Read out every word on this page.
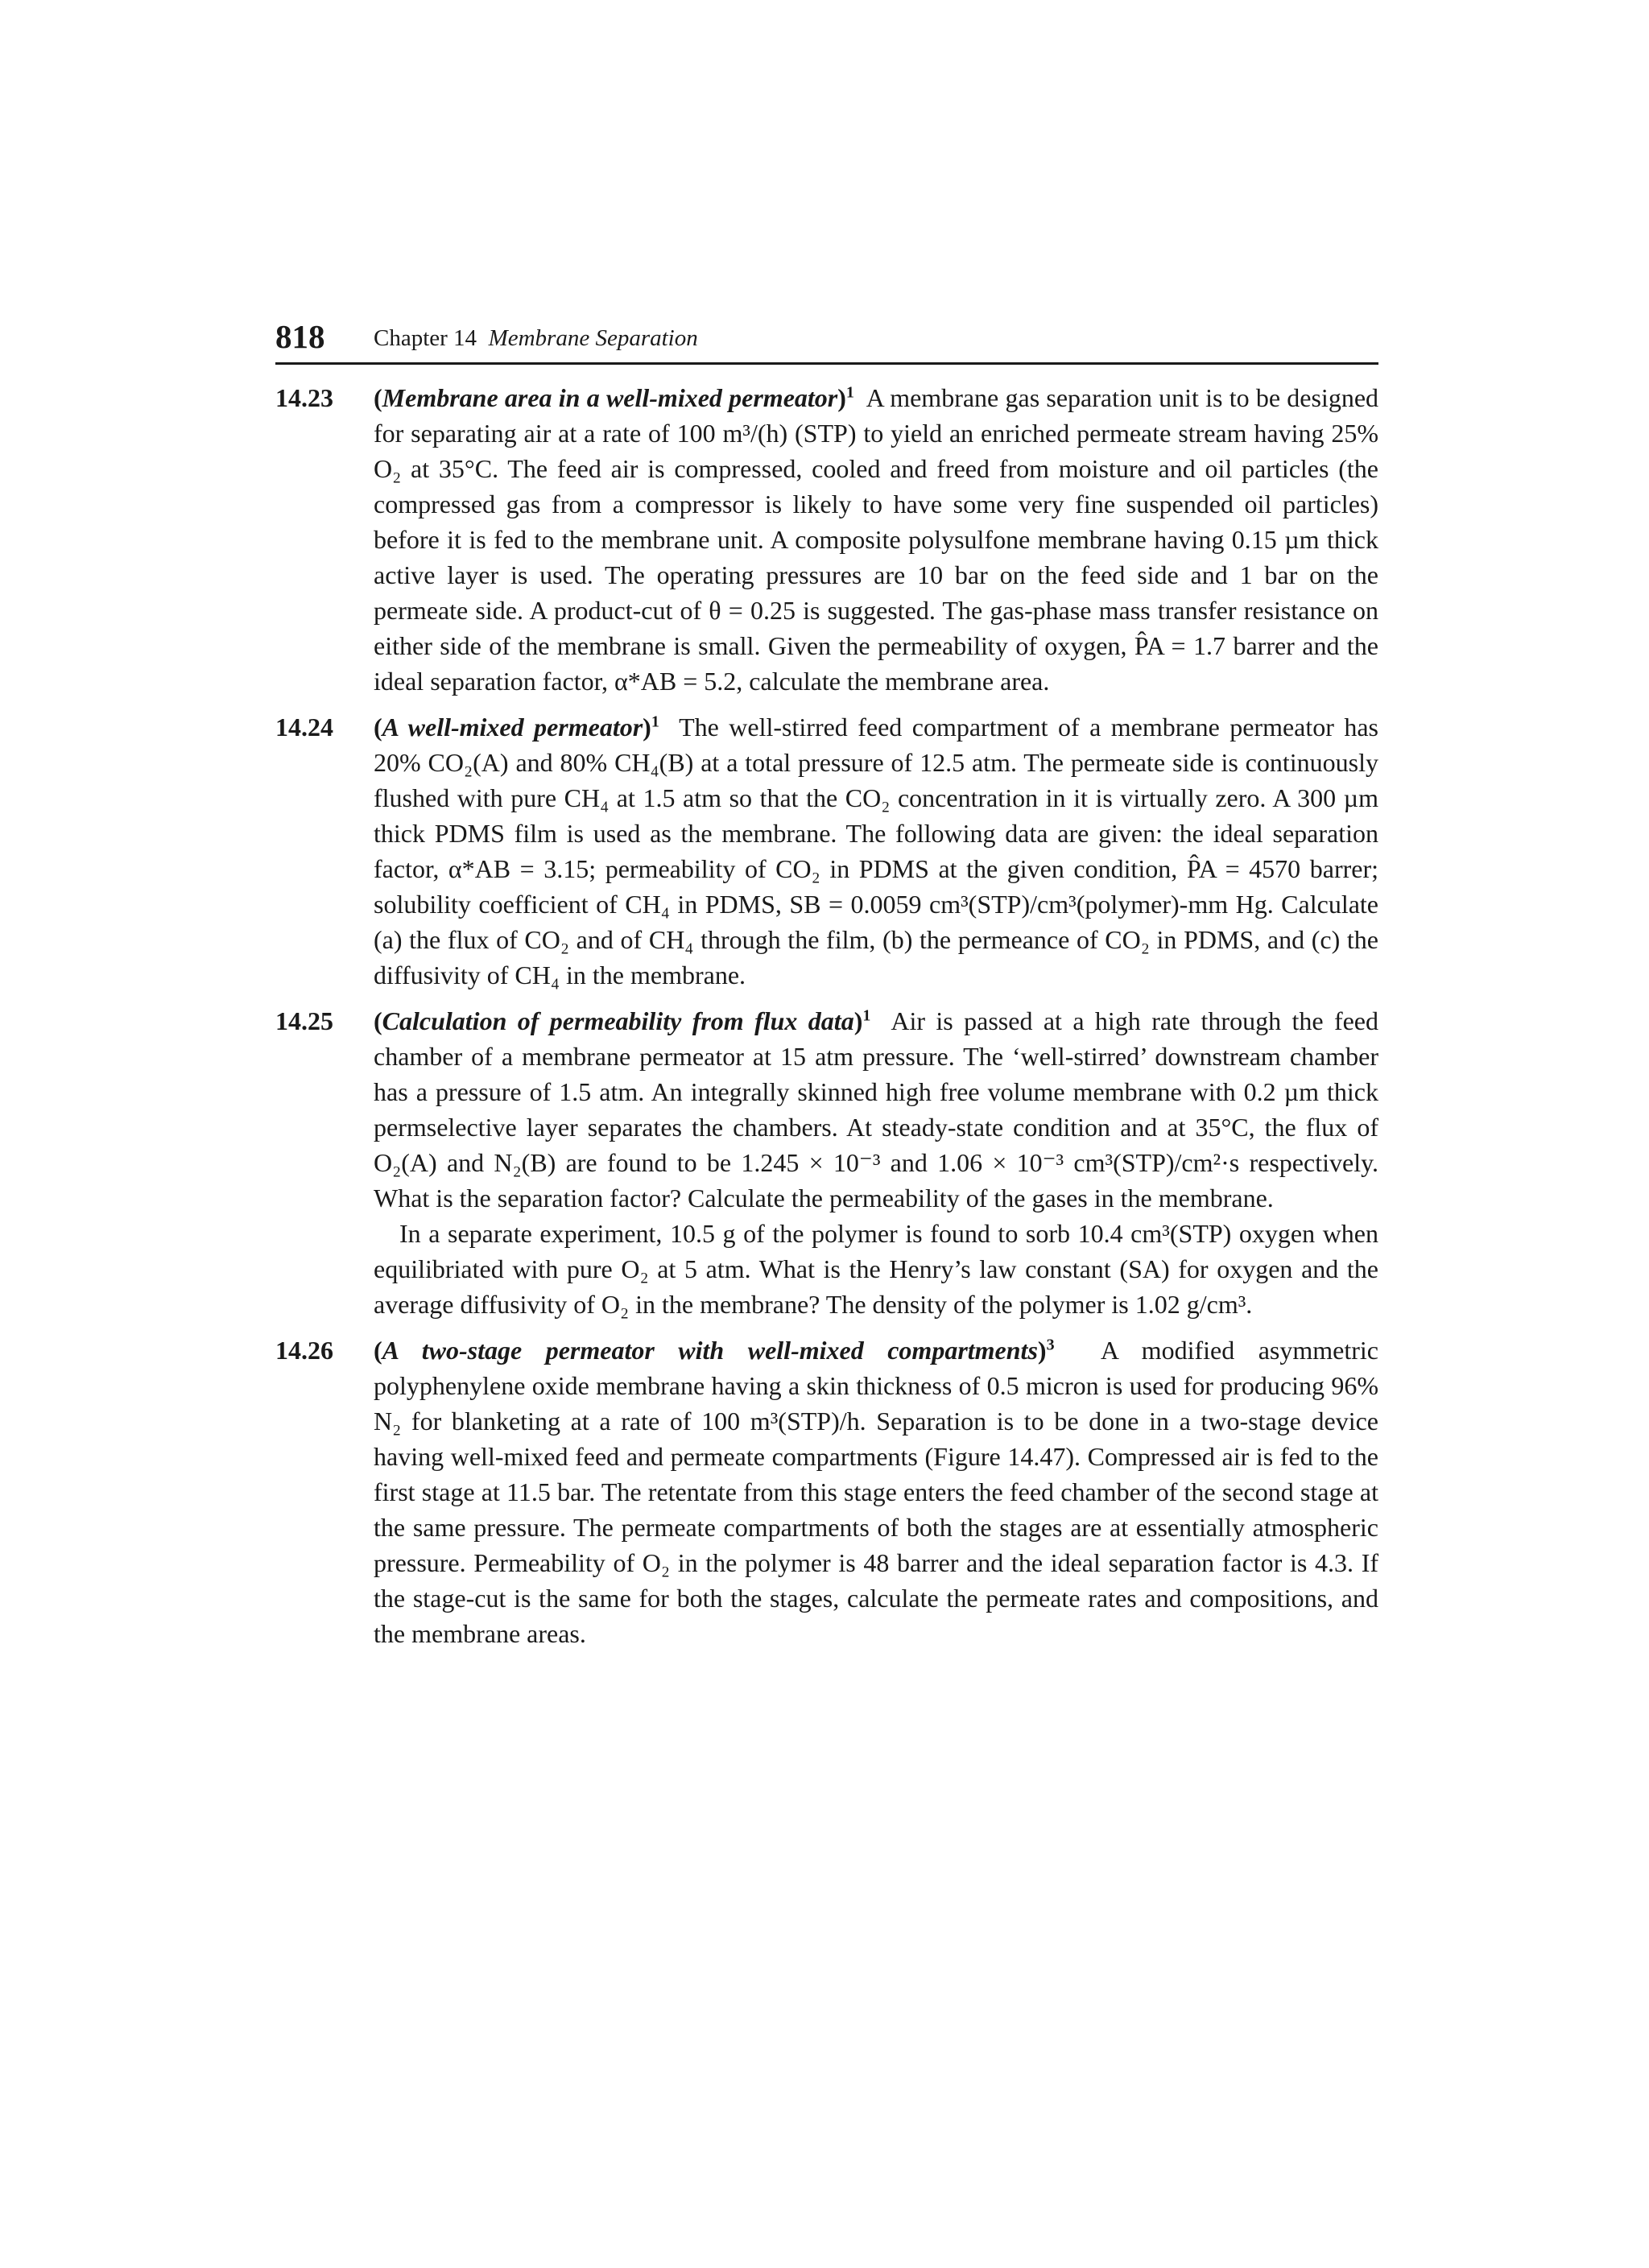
818 Chapter 14 Membrane Separation
14.23 (Membrane area in a well-mixed permeator)$^1$ A membrane gas separation unit is to be designed for separating air at a rate of 100 m³/(h) (STP) to yield an enriched permeate stream having 25% O₂ at 35°C. The feed air is compressed, cooled and freed from moisture and oil particles (the compressed gas from a compressor is likely to have some very fine suspended oil particles) before it is fed to the membrane unit. A composite polysulfone membrane having 0.15 µm thick active layer is used. The operating pressures are 10 bar on the feed side and 1 bar on the permeate side. A product-cut of θ = 0.25 is suggested. The gas-phase mass transfer resistance on either side of the membrane is small. Given the permeability of oxygen, P̂A = 1.7 barrer and the ideal separation factor, α*AB = 5.2, calculate the membrane area.

14.24 (A well-mixed permeator)$^1$ The well-stirred feed compartment of a membrane permeator has 20% CO₂(A) and 80% CH₄(B) at a total pressure of 12.5 atm. The permeate side is continuously flushed with pure CH₄ at 1.5 atm so that the CO₂ concentration in it is virtually zero. A 300 µm thick PDMS film is used as the membrane. The following data are given: the ideal separation factor, α*AB = 3.15; permeability of CO₂ in PDMS at the given condition, P̂A = 4570 barrer; solubility coefficient of CH₄ in PDMS, SB = 0.0059 cm³(STP)/cm³(polymer)-mm Hg. Calculate (a) the flux of CO₂ and of CH₄ through the film, (b) the permeance of CO₂ in PDMS, and (c) the diffusivity of CH₄ in the membrane.

14.25 (Calculation of permeability from flux data)$^1$ Air is passed at a high rate through the feed chamber of a membrane permeator at 15 atm pressure. The ‘well-stirred’ downstream chamber has a pressure of 1.5 atm. An integrally skinned high free volume membrane with 0.2 µm thick permselective layer separates the chambers. At steady-state condition and at 35°C, the flux of O₂(A) and N₂(B) are found to be 1.245 × 10⁻³ and 1.06 × 10⁻³ cm³(STP)/cm²·s respectively. What is the separation factor? Calculate the permeability of the gases in the membrane.

In a separate experiment, 10.5 g of the polymer is found to sorb 10.4 cm³(STP) oxygen when equilibriated with pure O₂ at 5 atm. What is the Henry’s law constant (SA) for oxygen and the average diffusivity of O₂ in the membrane? The density of the polymer is 1.02 g/cm³.

14.26 (A two-stage permeator with well-mixed compartments)$^3$ A modified asymmetric polyphenylene oxide membrane having a skin thickness of 0.5 micron is used for producing 96% N₂ for blanketing at a rate of 100 m³(STP)/h. Separation is to be done in a two-stage device having well-mixed feed and permeate compartments (Figure 14.47). Compressed air is fed to the first stage at 11.5 bar. The retentate from this stage enters the feed chamber of the second stage at the same pressure. The permeate compartments of both the stages are at essentially atmospheric pressure. Permeability of O₂ in the polymer is 48 barrer and the ideal separation factor is 4.3. If the stage-cut is the same for both the stages, calculate the permeate rates and compositions, and the membrane areas.
